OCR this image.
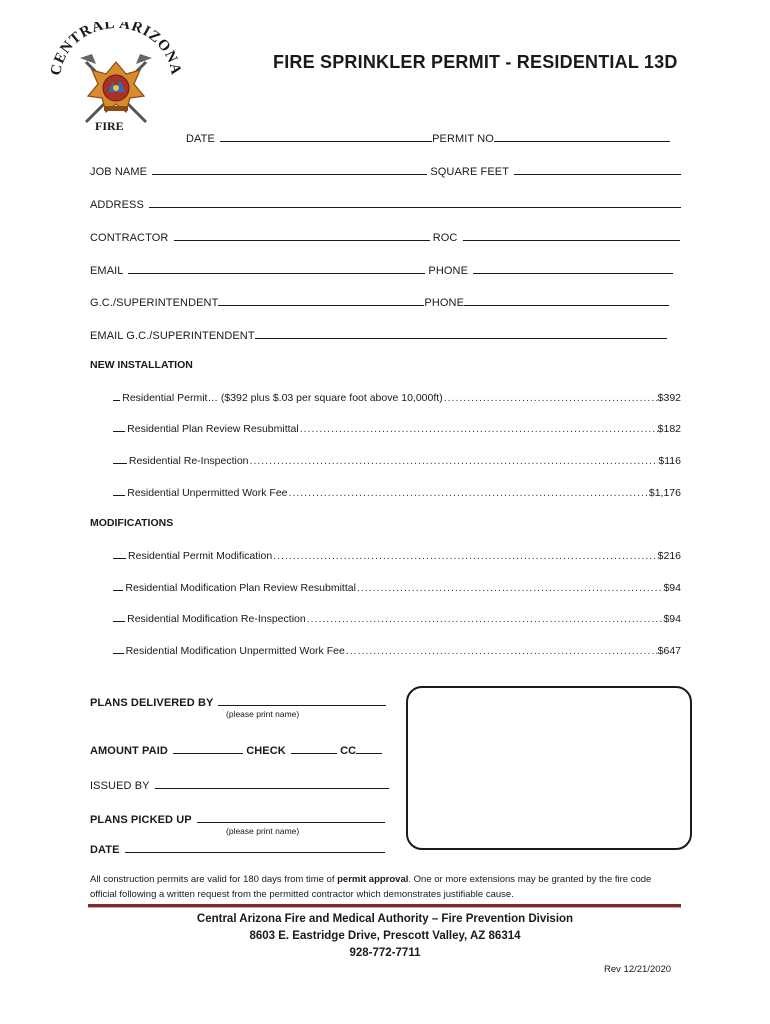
CENTRAL ARIZONA
FIRE
FIRE SPRINKLER PERMIT - RESIDENTIAL 13D
DATE	PERMIT NO
JOB NAME	SQUARE FEET
ADDRESS
CONTRACTOR	ROC
EMAIL	PHONE
G.C./SUPERINTENDENT	PHONE
EMAIL G.C./SUPERINTENDENT
NEW INSTALLATION
Residential Permit… ($392 plus $.03 per square foot above 10,000ft) .....	$392
Residential Plan Review Resubmittal .....	$182
Residential Re-Inspection .....	$116
Residential Unpermitted Work Fee .....	$1,176
MODIFICATIONS
Residential Permit Modification .....	$216
Residential Modification Plan Review Resubmittal .....	$94
Residential Modification Re-Inspection .....	$94
Residential Modification Unpermitted Work Fee .....	$647
PLANS DELIVERED BY
(please print name)
AMOUNT PAID	CHECK	CC
ISSUED BY
PLANS PICKED UP
(please print name)
DATE
All construction permits are valid for 180 days from time of permit approval. One or more extensions may be granted by the fire code official following a written request from the permitted contractor which demonstrates justifiable cause.
Central Arizona Fire and Medical Authority – Fire Prevention Division
8603 E. Eastridge Drive, Prescott Valley, AZ 86314
928-772-7711
Rev 12/21/2020
